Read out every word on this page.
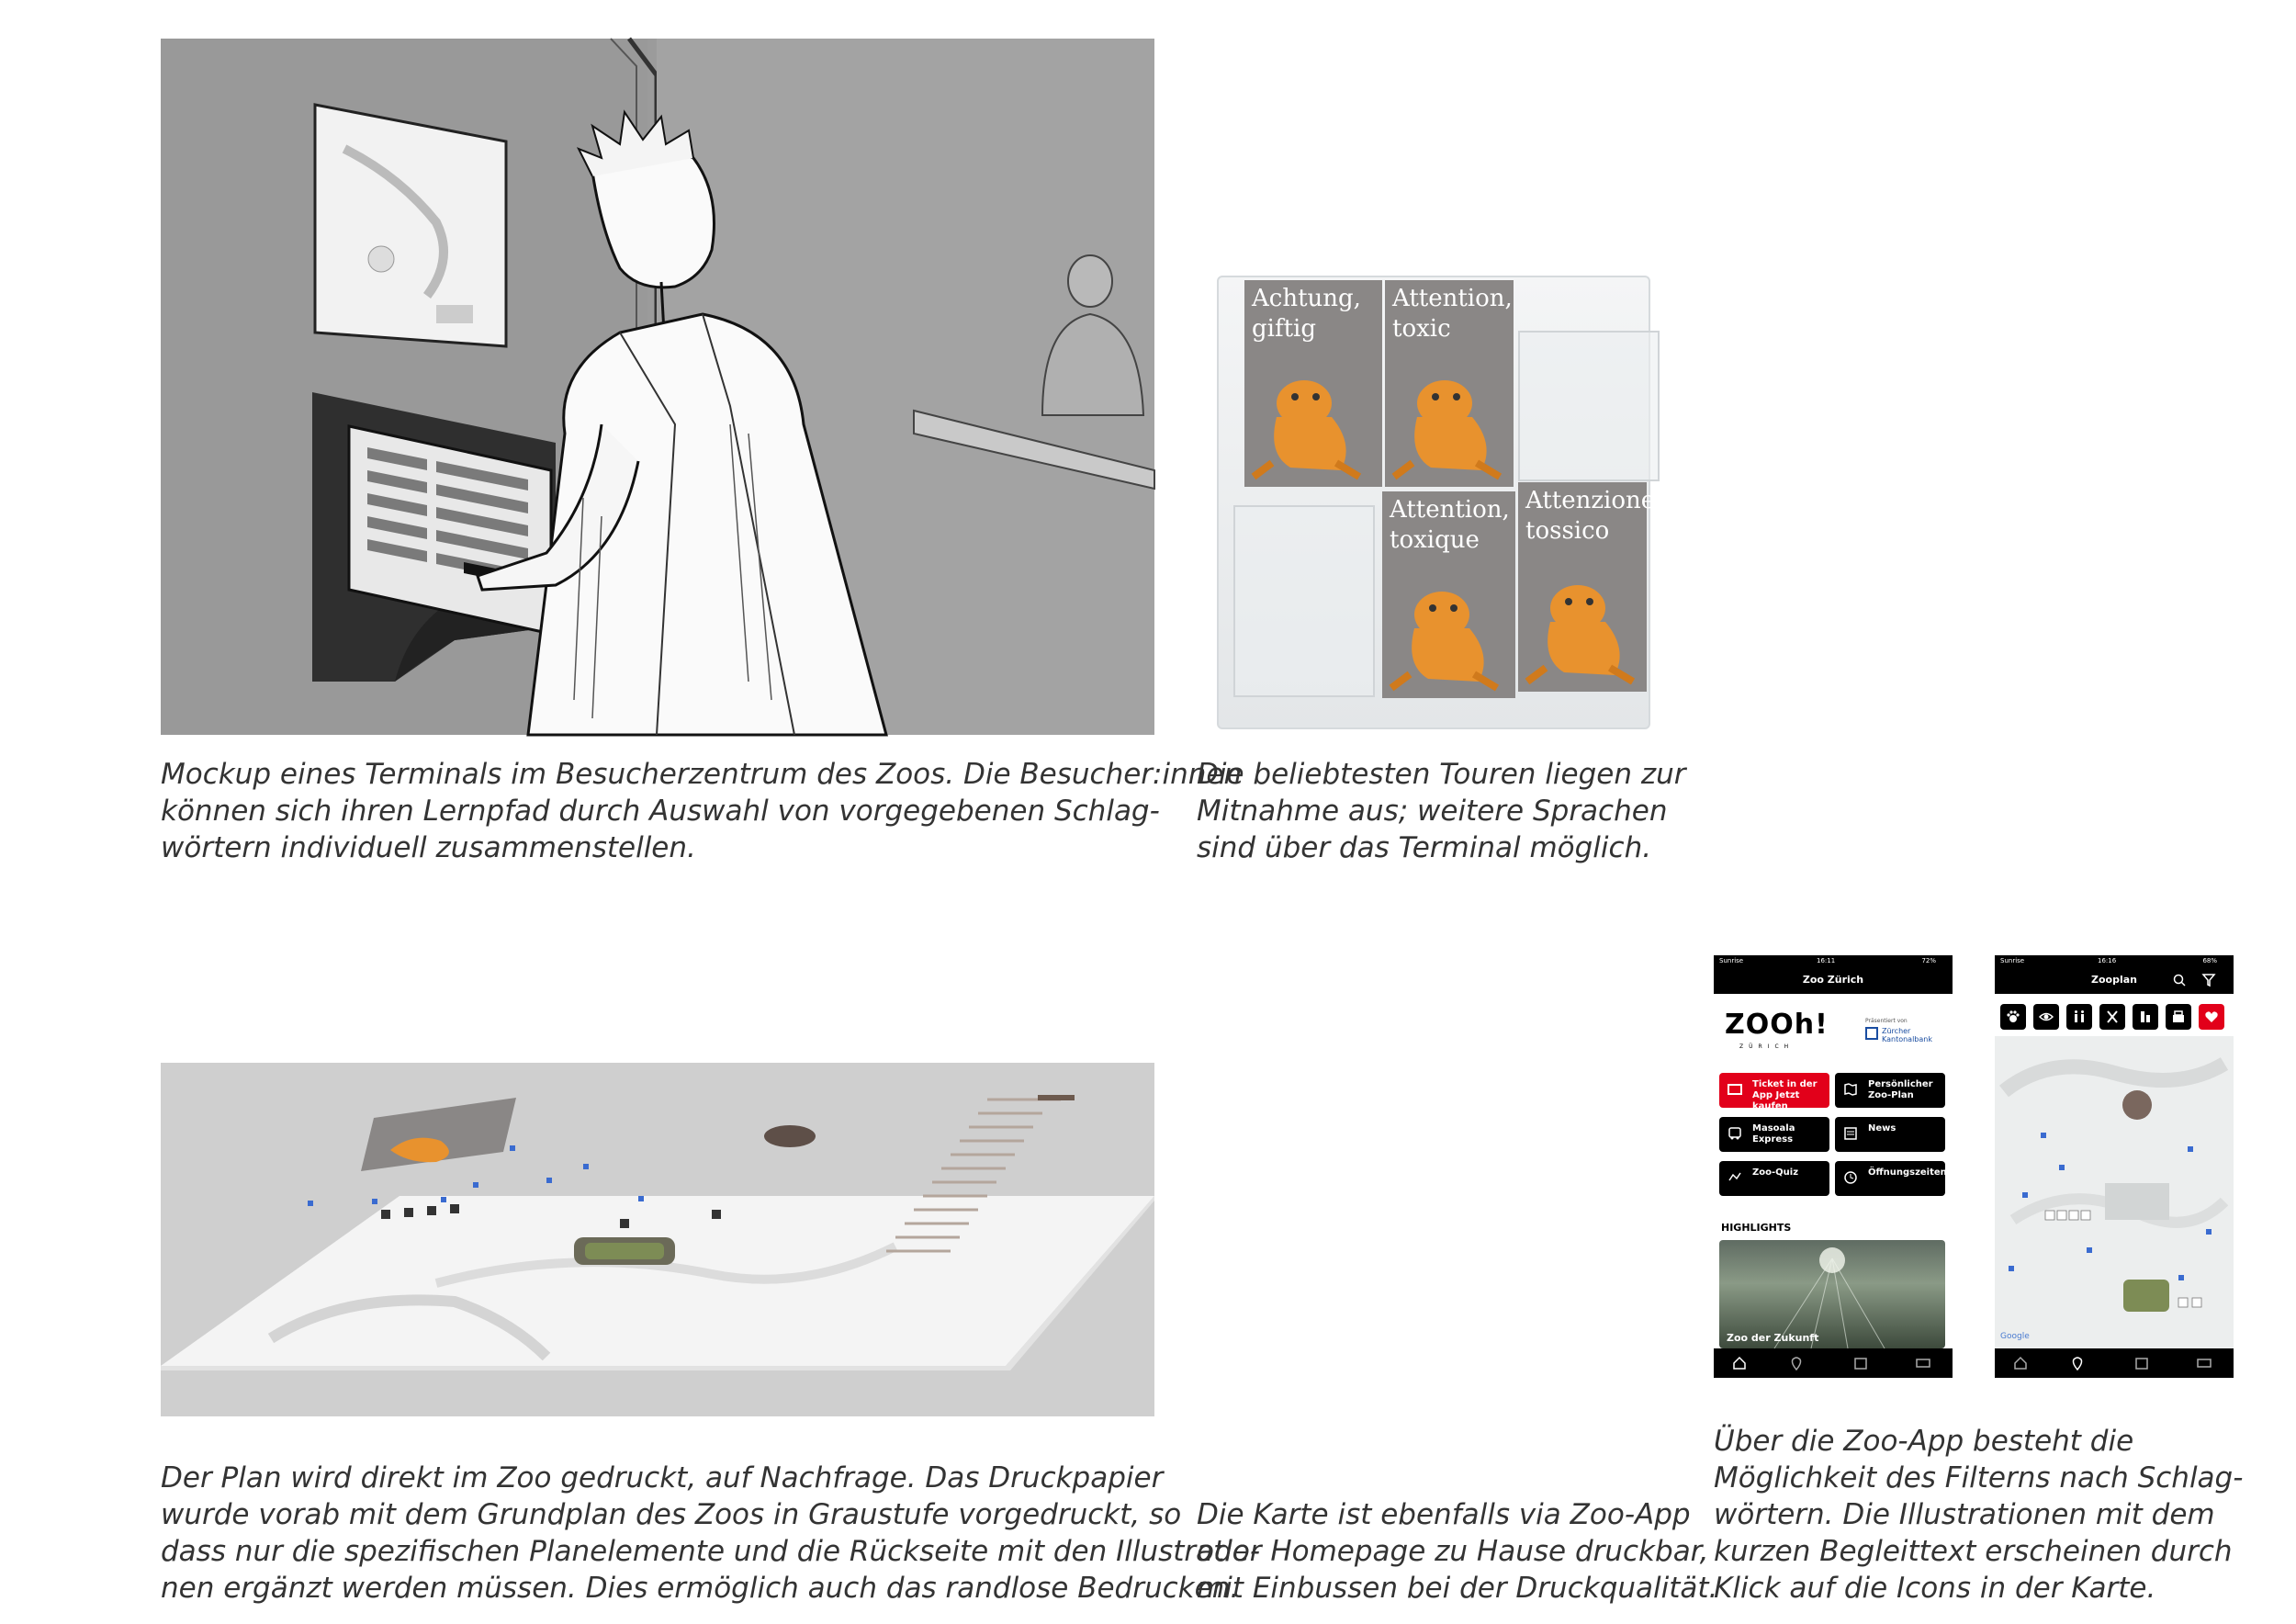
Achtung,
giftig
Attention,
toxic
Attention,
toxique
Attenzione,
tossico
Sunrise	16:11	72%
Zoo Zürich
ZOOh!
ZÜRICH
Präsentiert von
Zürcher Kantonalbank
Ticket in der App Jetzt kaufen
Persönlicher Zoo-Plan
Masoala Express
News
Zoo-Quiz	Öffnungszeiten
HIGHLIGHTS
Zoo der Zukunft
Sunrise	16:16	68%
Zooplan
Google
Mockup eines Terminals im Besucherzentrum des Zoos. Die Besucher:innen
können sich ihren Lernpfad durch Auswahl von vorgegebenen Schlag-
wörtern individuell zusammenstellen.
Die beliebtesten Touren liegen zur
Mitnahme aus; weitere Sprachen
sind über das Terminal möglich.
Der Plan wird direkt im Zoo gedruckt, auf Nachfrage. Das Druckpapier
wurde vorab mit dem Grundplan des Zoos in Graustufe vorgedruckt, so
dass nur die spezifischen Planelemente und die Rückseite mit den Illustratio-
nen ergänzt werden müssen. Dies ermöglich auch das randlose Bedrucken.
Die Karte ist ebenfalls via Zoo-App
oder Homepage zu Hause druckbar,
mit Einbussen bei der Druckqualität.
Über die Zoo-App besteht die
Möglichkeit des Filterns nach Schlag-
wörtern. Die Illustrationen mit dem
kurzen Begleittext erscheinen durch
Klick auf die Icons in der Karte.
